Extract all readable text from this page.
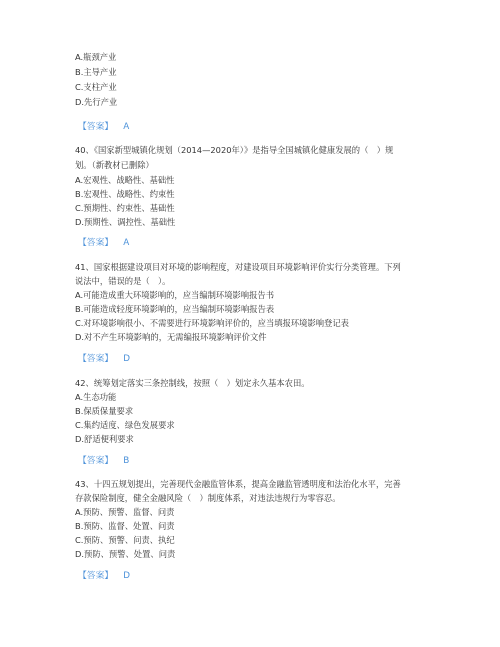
A.瓶颈产业
B.主导产业
C.支柱产业
D.先行产业
【答案】 A
40、《国家新型城镇化规划（2014—2020年）》是指导全国城镇化健康发展的（　）规
划。（新教材已删除）
A.宏观性、战略性、基础性
B.宏观性、战略性、约束性
C.预期性、约束性、基础性
D.预期性、调控性、基础性
【答案】 A
41、国家根据建设项目对环境的影响程度，对建设项目环境影响评价实行分类管理。下列
说法中，错误的是（　）。
A.可能造成重大环境影响的，应当编制环境影响报告书
B.可能造成轻度环境影响的，应当编制环境影响报告表
C.对环境影响很小、不需要进行环境影响评价的，应当填报环境影响登记表
D.对不产生环境影响的，无需编报环境影响评价文件
【答案】 D
42、统筹划定落实三条控制线，按照（　）划定永久基本农田。
A.生态功能
B.保质保量要求
C.集约适度、绿色发展要求
D.舒适便利要求
【答案】 B
43、十四五规划提出，完善现代金融监管体系，提高金融监管透明度和法治化水平，完善
存款保险制度，健全金融风险（　）制度体系，对违法违规行为零容忍。
A.预防、预警、监督、问责
B.预防、监督、处置、问责
C.预防、预警、问责、执纪
D.预防、预警、处置、问责
【答案】 D
